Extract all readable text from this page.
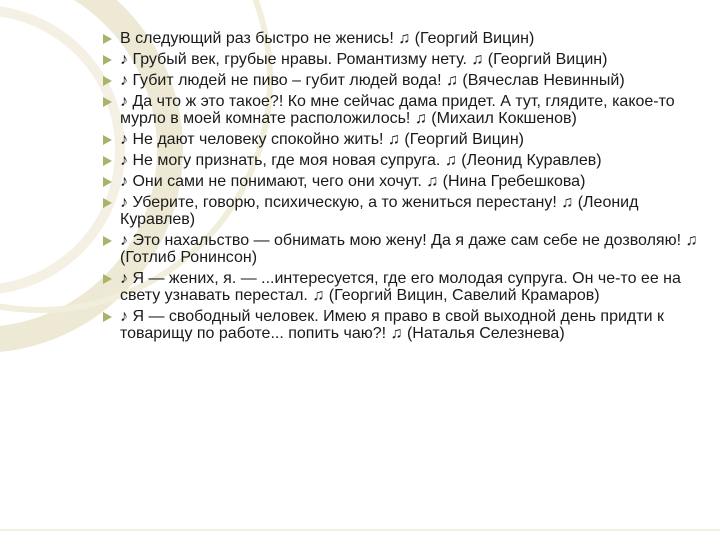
В следующий раз быстро не женись! ♫ (Георгий Вицин)
♪ Грубый век, грубые нравы. Романтизму нету. ♫ (Георгий Вицин)
♪ Губит людей не пиво – губит людей вода! ♫ (Вячеслав Невинный)
♪ Да что ж это такое?! Ко мне сейчас дама придет. А тут, глядите, какое-то мурло в моей комнате расположилось! ♫ (Михаил Кокшенов)
♪ Не дают человеку спокойно жить! ♫ (Георгий Вицин)
♪ Не могу признать, где моя новая супруга. ♫ (Леонид Куравлев)
♪ Они сами не понимают, чего они хочут. ♫ (Нина Гребешкова)
♪ Уберите, говорю, психическую, а то жениться перестану! ♫ (Леонид Куравлев)
♪ Это нахальство — обнимать мою жену! Да я даже сам себе не дозволяю! ♫ (Готлиб Ронинсон)
♪ Я — жених, я. — ...интересуется, где его молодая супруга. Он че-то ее на свету узнавать перестал. ♫ (Георгий Вицин, Савелий Крамаров)
♪ Я — свободный человек. Имею я право в свой выходной день придти к товарищу по работе... попить чаю?! ♫ (Наталья Селезнева)
